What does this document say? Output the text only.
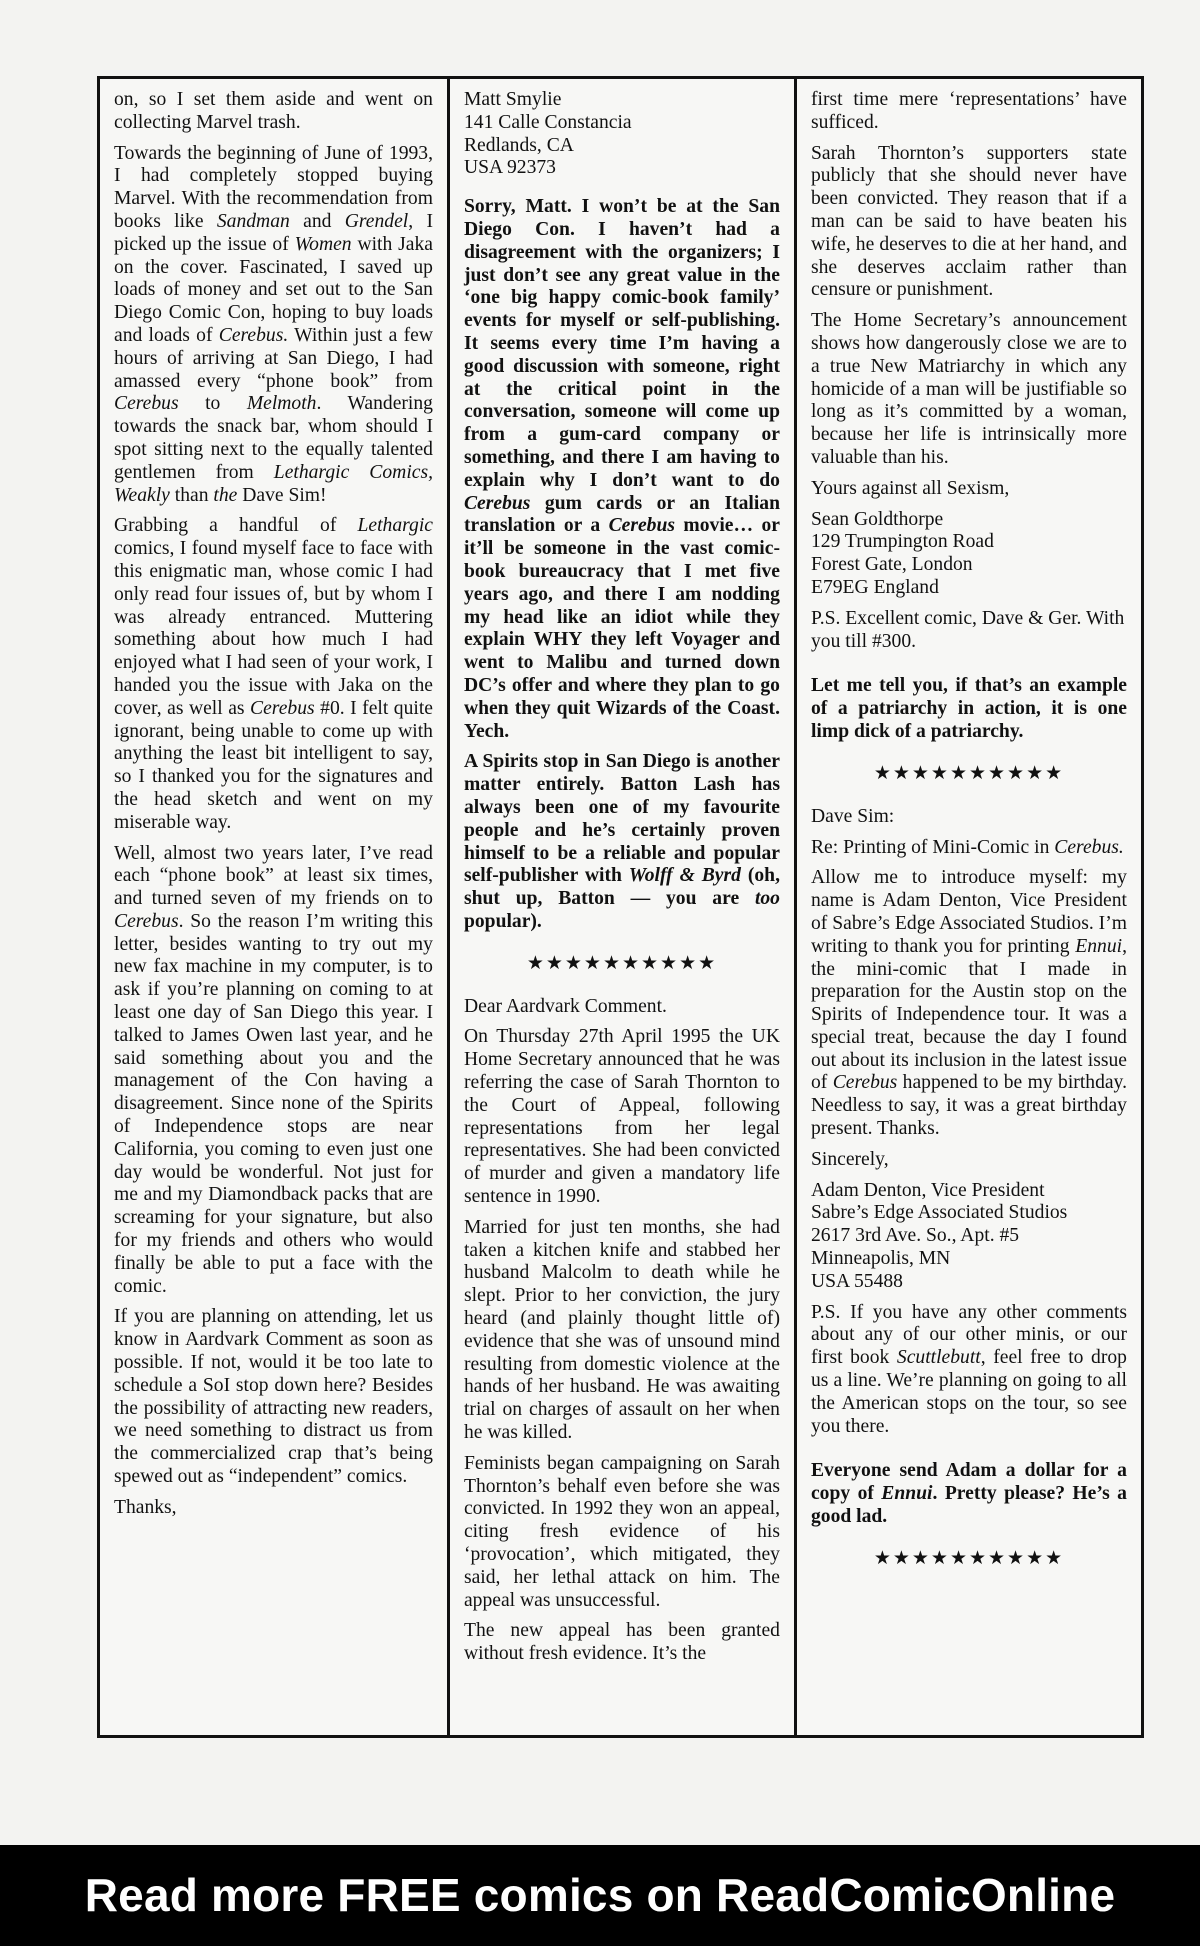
on, so I set them aside and went on collecting Marvel trash.

Towards the beginning of June of 1993, I had completely stopped buying Marvel. With the recommendation from books like Sandman and Grendel, I picked up the issue of Women with Jaka on the cover. Fascinated, I saved up loads of money and set out to the San Diego Comic Con, hoping to buy loads and loads of Cerebus. Within just a few hours of arriving at San Diego, I had amassed every “phone book” from Cerebus to Melmoth. Wandering towards the snack bar, whom should I spot sitting next to the equally talented gentlemen from Lethargic Comics, Weakly than the Dave Sim!

Grabbing a handful of Lethargic comics, I found myself face to face with this enigmatic man, whose comic I had only read four issues of, but by whom I was already entranced. Muttering something about how much I had enjoyed what I had seen of your work, I handed you the issue with Jaka on the cover, as well as Cerebus #0. I felt quite ignorant, being unable to come up with anything the least bit intelligent to say, so I thanked you for the signatures and the head sketch and went on my miserable way.

Well, almost two years later, I’ve read each “phone book” at least six times, and turned seven of my friends on to Cerebus. So the reason I’m writing this letter, besides wanting to try out my new fax machine in my computer, is to ask if you’re planning on coming to at least one day of San Diego this year. I talked to James Owen last year, and he said something about you and the management of the Con having a disagreement. Since none of the Spirits of Independence stops are near California, you coming to even just one day would be wonderful. Not just for me and my Diamondback packs that are screaming for your signature, but also for my friends and others who would finally be able to put a face with the comic.

If you are planning on attending, let us know in Aardvark Comment as soon as possible. If not, would it be too late to schedule a SoI stop down here? Besides the possibility of attracting new readers, we need something to distract us from the commercialized crap that’s being spewed out as “independent” comics.

Thanks,

Matt Smylie
141 Calle Constancia
Redlands, CA
USA 92373

Sorry, Matt. I won’t be at the San Diego Con. I haven’t had a disagreement with the organizers; I just don’t see any great value in the ‘one big happy comic-book family’ events for myself or self-publishing. It seems every time I’m having a good discussion with someone, right at the critical point in the conversation, someone will come up from a gum-card company or something, and there I am having to explain why I don’t want to do Cerebus gum cards or an Italian translation or a Cerebus movie… or it’ll be someone in the vast comic-book bureaucracy that I met five years ago, and there I am nodding my head like an idiot while they explain WHY they left Voyager and went to Malibu and turned down DC’s offer and where they plan to go when they quit Wizards of the Coast. Yech.

A Spirits stop in San Diego is another matter entirely. Batton Lash has always been one of my favourite people and he’s certainly proven himself to be a reliable and popular self-publisher with Wolff & Byrd (oh, shut up, Batton — you are too popular).

★★★★★★★★★★

Dear Aardvark Comment.

On Thursday 27th April 1995 the UK Home Secretary announced that he was referring the case of Sarah Thornton to the Court of Appeal, following representations from her legal representatives. She had been convicted of murder and given a mandatory life sentence in 1990.

Married for just ten months, she had taken a kitchen knife and stabbed her husband Malcolm to death while he slept. Prior to her conviction, the jury heard (and plainly thought little of) evidence that she was of unsound mind resulting from domestic violence at the hands of her husband. He was awaiting trial on charges of assault on her when he was killed.

Feminists began campaigning on Sarah Thornton’s behalf even before she was convicted. In 1992 they won an appeal, citing fresh evidence of his ‘provocation’, which mitigated, they said, her lethal attack on him. The appeal was unsuccessful.

The new appeal has been granted without fresh evidence. It’s the

first time mere ‘representations’ have sufficed.

Sarah Thornton’s supporters state publicly that she should never have been convicted. They reason that if a man can be said to have beaten his wife, he deserves to die at her hand, and she deserves acclaim rather than censure or punishment.

The Home Secretary’s announcement shows how dangerously close we are to a true New Matriarchy in which any homicide of a man will be justifiable so long as it’s committed by a woman, because her life is intrinsically more valuable than his.

Yours against all Sexism,

Sean Goldthorpe
129 Trumpington Road
Forest Gate, London
E79EG England

P.S. Excellent comic, Dave & Ger. With you till #300.

Let me tell you, if that’s an example of a patriarchy in action, it is one limp dick of a patriarchy.

★★★★★★★★★★

Dave Sim:

Re: Printing of Mini-Comic in Cerebus.

Allow me to introduce myself: my name is Adam Denton, Vice President of Sabre’s Edge Associated Studios. I’m writing to thank you for printing Ennui, the mini-comic that I made in preparation for the Austin stop on the Spirits of Independence tour. It was a special treat, because the day I found out about its inclusion in the latest issue of Cerebus happened to be my birthday. Needless to say, it was a great birthday present. Thanks.

Sincerely,

Adam Denton, Vice President
Sabre’s Edge Associated Studios
2617 3rd Ave. So., Apt. #5
Minneapolis, MN
USA 55488

P.S. If you have any other comments about any of our other minis, or our first book Scuttlebutt, feel free to drop us a line. We’re planning on going to all the American stops on the tour, so see you there.

Everyone send Adam a dollar for a copy of Ennui. Pretty please? He’s a good lad.

★★★★★★★★★★
Read more FREE comics on ReadComicOnline
